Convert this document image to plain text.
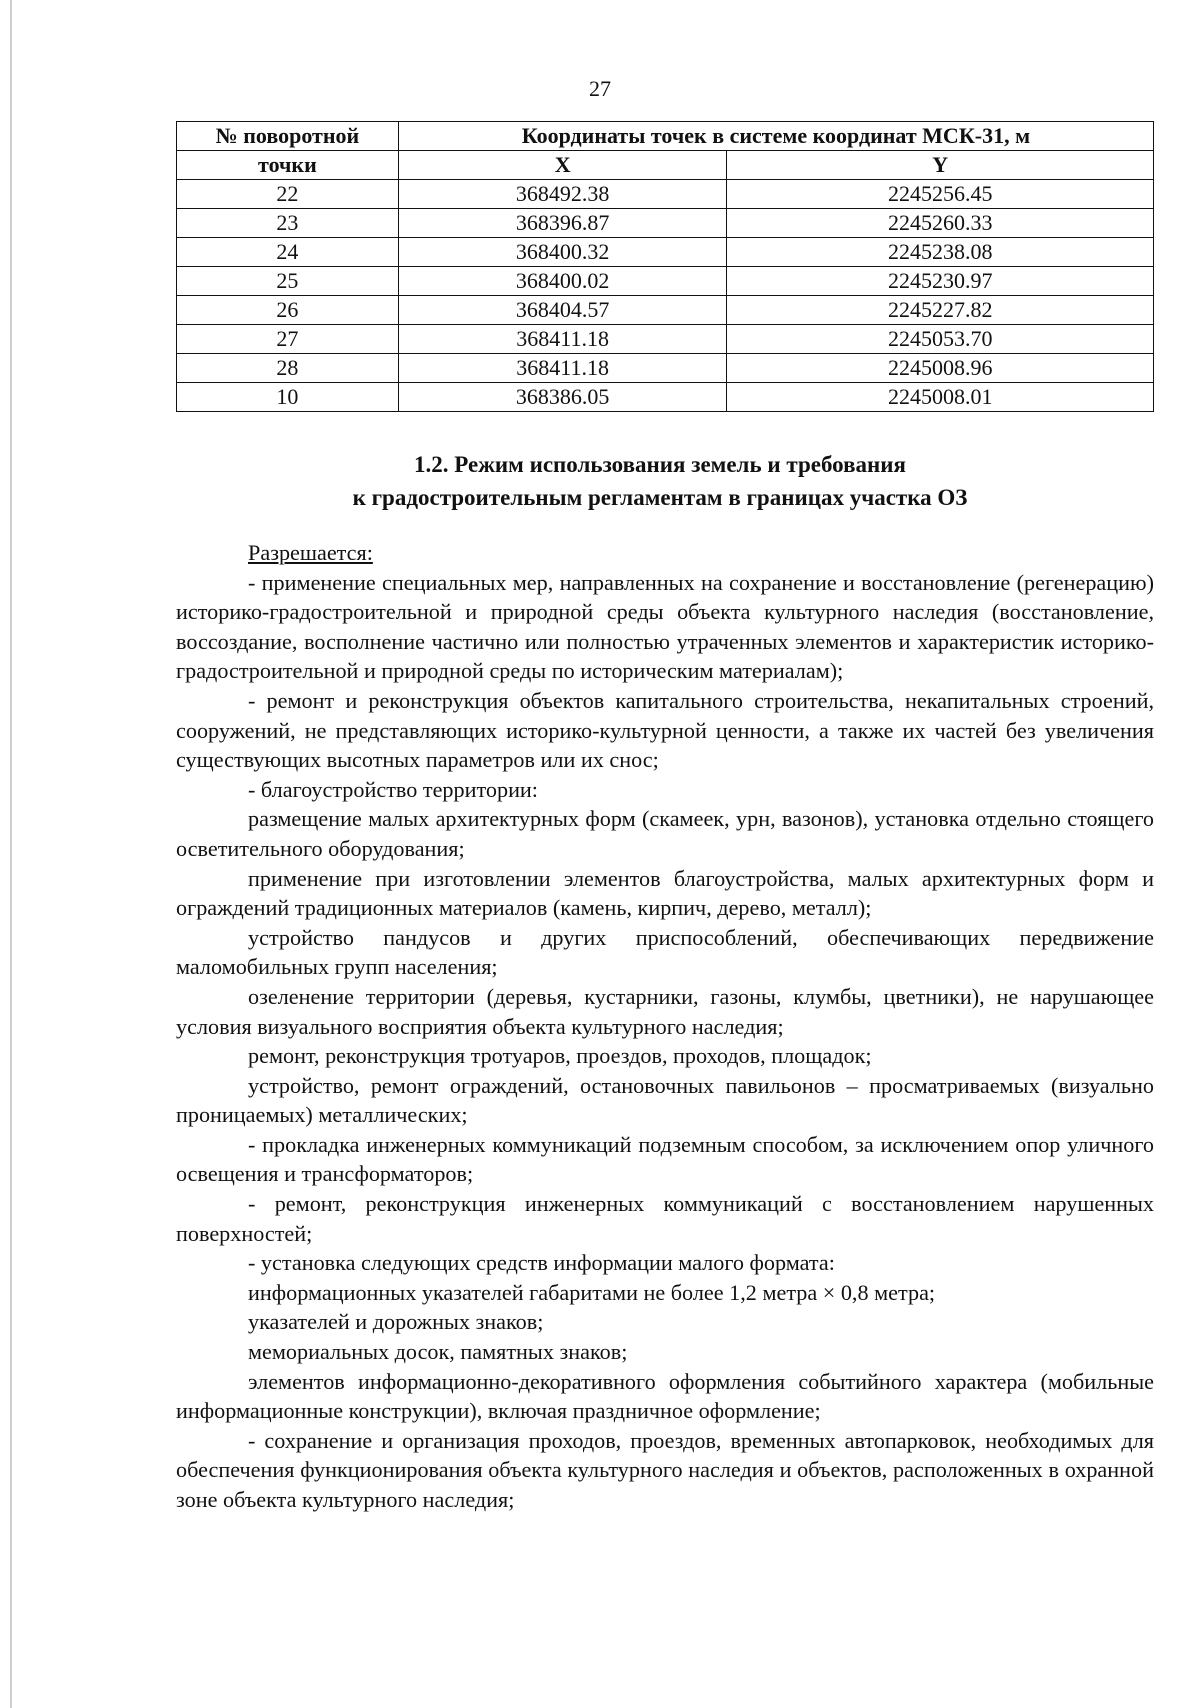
27
№ поворотной	Координаты точек в системе координат МСК-31, м	
точки	X	Y
22	368492.38	2245256.45
23	368396.87	2245260.33
24	368400.32	2245238.08
25	368400.02	2245230.97
26	368404.57	2245227.82
27	368411.18	2245053.70
28	368411.18	2245008.96
10	368386.05	2245008.01
1.2. Режим использования земель и требования
к градостроительным регламентам в границах участка ОЗ

Разрешается:

- применение специальных мер, направленных на сохранение и восстановление (регенерацию) историко-градостроительной и природной среды объекта культурного наследия (восстановление, воссоздание, восполнение частично или полностью утраченных элементов и характеристик историко-градостроительной и природной среды по историческим материалам);

- ремонт и реконструкция объектов капитального строительства, некапитальных строений, сооружений, не представляющих историко-культурной ценности, а также их частей без увеличения существующих высотных параметров или их снос;

- благоустройство территории:

размещение малых архитектурных форм (скамеек, урн, вазонов), установка отдельно стоящего осветительного оборудования;

применение при изготовлении элементов благоустройства, малых архитектурных форм и ограждений традиционных материалов (камень, кирпич, дерево, металл);

устройство пандусов и других приспособлений, обеспечивающих передвижение маломобильных групп населения;

озеленение территории (деревья, кустарники, газоны, клумбы, цветники), не нарушающее условия визуального восприятия объекта культурного наследия;

ремонт, реконструкция тротуаров, проездов, проходов, площадок;

устройство, ремонт ограждений, остановочных павильонов – просматриваемых (визуально проницаемых) металлических;

- прокладка инженерных коммуникаций подземным способом, за исключением опор уличного освещения и трансформаторов;

- ремонт, реконструкция инженерных коммуникаций с восстановлением нарушенных поверхностей;

- установка следующих средств информации малого формата:

информационных указателей габаритами не более 1,2 метра × 0,8 метра;

указателей и дорожных знаков;

мемориальных досок, памятных знаков;

элементов информационно-декоративного оформления событийного характера (мобильные информационные конструкции), включая праздничное оформление;

- сохранение и организация проходов, проездов, временных автопарковок, необходимых для обеспечения функционирования объекта культурного наследия и объектов, расположенных в охранной зоне объекта культурного наследия;
